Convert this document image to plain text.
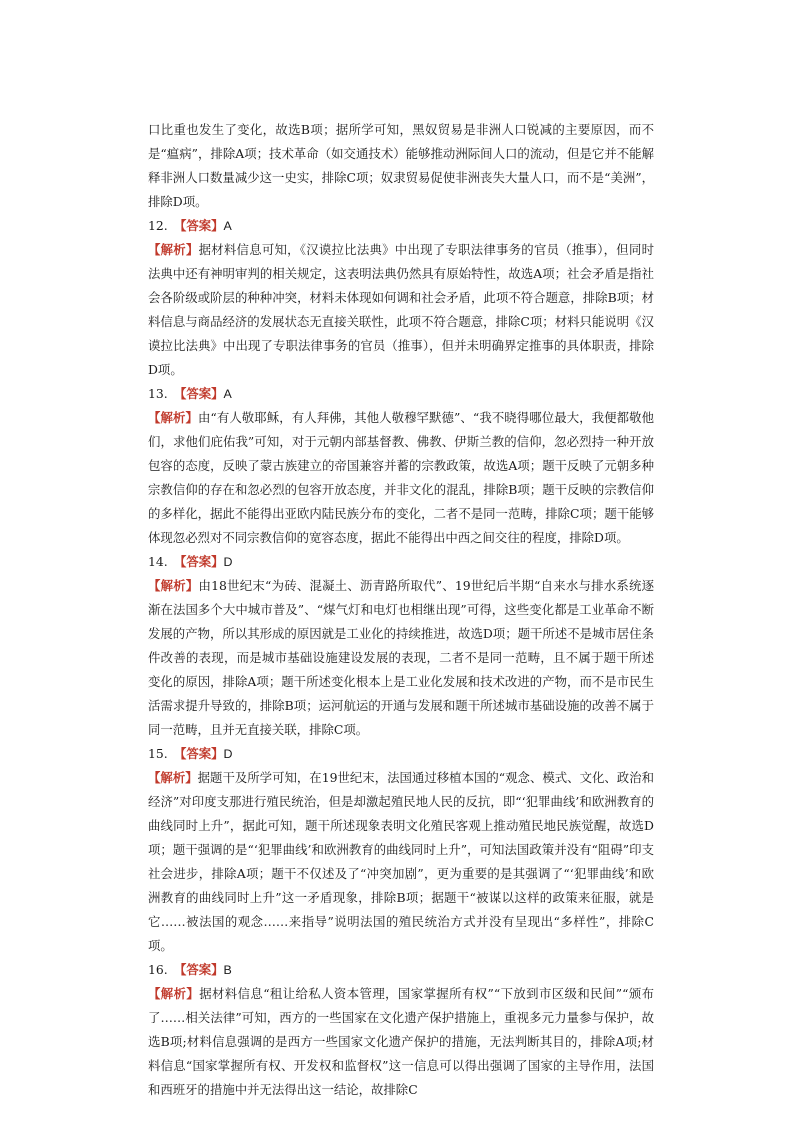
口比重也发生了变化，故选B项；据所学可知，黑奴贸易是非洲人口锐减的主要原因，而不是“瘟病”，排除A项；技术革命（如交通技术）能够推动洲际间人口的流动，但是它并不能解释非洲人口数量减少这一史实，排除C项；奴隶贸易促使非洲丧失大量人口，而不是“美洲”，排除D项。

12. 【答案】A

【解析】据材料信息可知，《汉谟拉比法典》中出现了专职法律事务的官员（推事），但同时法典中还有神明审判的相关规定，这表明法典仍然具有原始特性，故选A项；社会矛盾是指社会各阶级或阶层的种种冲突，材料未体现如何调和社会矛盾，此项不符合题意，排除B项；材料信息与商品经济的发展状态无直接关联性，此项不符合题意，排除C项；材料只能说明《汉谟拉比法典》中出现了专职法律事务的官员（推事），但并未明确界定推事的具体职责，排除D项。

13. 【答案】A

【解析】由“有人敬耶稣，有人拜佛，其他人敬穆罕默德”、“我不晓得哪位最大，我便都敬他们，求他们庇佑我”可知，对于元朝内部基督教、佛教、伊斯兰教的信仰，忽必烈持一种开放包容的态度，反映了蒙古族建立的帝国兼容并蓄的宗教政策，故选A项；题干反映了元朝多种宗教信仰的存在和忽必烈的包容开放态度，并非文化的混乱，排除B项；题干反映的宗教信仰的多样化，据此不能得出亚欧内陆民族分布的变化，二者不是同一范畴，排除C项；题干能够体现忽必烈对不同宗教信仰的宽容态度，据此不能得出中西之间交往的程度，排除D项。

14. 【答案】D

【解析】由18世纪末“为砖、混凝土、沥青路所取代”、19世纪后半期“自来水与排水系统逐渐在法国多个大中城市普及”、“煤气灯和电灯也相继出现”可得，这些变化都是工业革命不断发展的产物，所以其形成的原因就是工业化的持续推进，故选D项；题干所述不是城市居住条件改善的表现，而是城市基础设施建设发展的表现，二者不是同一范畴，且不属于题干所述变化的原因，排除A项；题干所述变化根本上是工业化发展和技术改进的产物，而不是市民生活需求提升导致的，排除B项；运河航运的开通与发展和题干所述城市基础设施的改善不属于同一范畴，且并无直接关联，排除C项。

15. 【答案】D

【解析】据题干及所学可知，在19世纪末，法国通过移植本国的“观念、模式、文化、政治和经济”对印度支那进行殖民统治，但是却激起殖民地人民的反抗，即“‘犯罪曲线’和欧洲教育的曲线同时上升”，据此可知，题干所述现象表明文化殖民客观上推动殖民地民族觉醒，故选D项；题干强调的是“‘犯罪曲线’和欧洲教育的曲线同时上升”，可知法国政策并没有“阻碍”印支社会进步，排除A项；题干不仅述及了“冲突加剧”，更为重要的是其强调了“‘犯罪曲线’和欧洲教育的曲线同时上升”这一矛盾现象，排除B项；据题干“被谋以这样的政策来征服，就是它……被法国的观念……来指导”说明法国的殖民统治方式并没有呈现出“多样性”，排除C项。

16. 【答案】B

【解析】据材料信息“租让给私人资本管理，国家掌握所有权”“下放到市区级和民间”“颁布了……相关法律”可知，西方的一些国家在文化遗产保护措施上，重视多元力量参与保护，故选B项;材料信息强调的是西方一些国家文化遗产保护的措施，无法判断其目的，排除A项;材料信息“国家掌握所有权、开发权和监督权”这一信息可以得出强调了国家的主导作用，法国和西班牙的措施中并无法得出这一结论，故排除C
